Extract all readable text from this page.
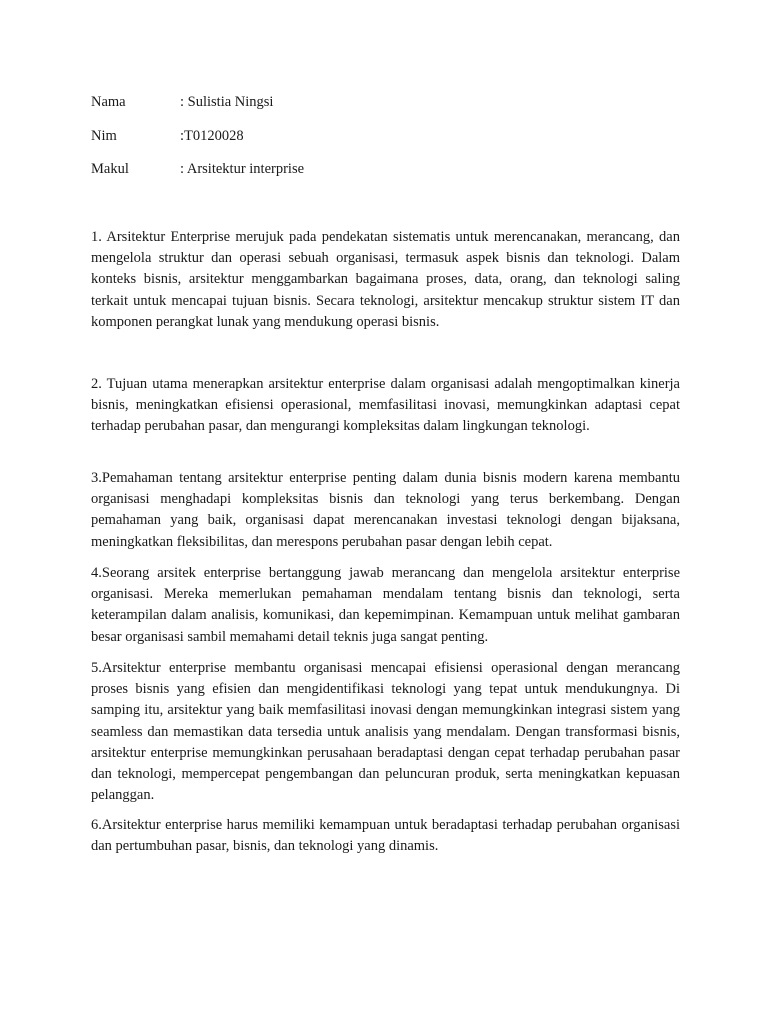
Nama	: Sulistia Ningsi
Nim	:T0120028
Makul	: Arsitektur interprise

1. Arsitektur Enterprise merujuk pada pendekatan sistematis untuk merencanakan, merancang, dan mengelola struktur dan operasi sebuah organisasi, termasuk aspek bisnis dan teknologi. Dalam konteks bisnis, arsitektur menggambarkan bagaimana proses, data, orang, dan teknologi saling terkait untuk mencapai tujuan bisnis. Secara teknologi, arsitektur mencakup struktur sistem IT dan komponen perangkat lunak yang mendukung operasi bisnis.

2. Tujuan utama menerapkan arsitektur enterprise dalam organisasi adalah mengoptimalkan kinerja bisnis, meningkatkan efisiensi operasional, memfasilitasi inovasi, memungkinkan adaptasi cepat terhadap perubahan pasar, dan mengurangi kompleksitas dalam lingkungan teknologi.

3.Pemahaman tentang arsitektur enterprise penting dalam dunia bisnis modern karena membantu organisasi menghadapi kompleksitas bisnis dan teknologi yang terus berkembang. Dengan pemahaman yang baik, organisasi dapat merencanakan investasi teknologi dengan bijaksana, meningkatkan fleksibilitas, dan merespons perubahan pasar dengan lebih cepat.

4.Seorang arsitek enterprise bertanggung jawab merancang dan mengelola arsitektur enterprise organisasi. Mereka memerlukan pemahaman mendalam tentang bisnis dan teknologi, serta keterampilan dalam analisis, komunikasi, dan kepemimpinan. Kemampuan untuk melihat gambaran besar organisasi sambil memahami detail teknis juga sangat penting.

5.Arsitektur enterprise membantu organisasi mencapai efisiensi operasional dengan merancang proses bisnis yang efisien dan mengidentifikasi teknologi yang tepat untuk mendukungnya. Di samping itu, arsitektur yang baik memfasilitasi inovasi dengan memungkinkan integrasi sistem yang seamless dan memastikan data tersedia untuk analisis yang mendalam. Dengan transformasi bisnis, arsitektur enterprise memungkinkan perusahaan beradaptasi dengan cepat terhadap perubahan pasar dan teknologi, mempercepat pengembangan dan peluncuran produk, serta meningkatkan kepuasan pelanggan.

6.Arsitektur enterprise harus memiliki kemampuan untuk beradaptasi terhadap perubahan organisasi dan pertumbuhan pasar, bisnis, dan teknologi yang dinamis.
